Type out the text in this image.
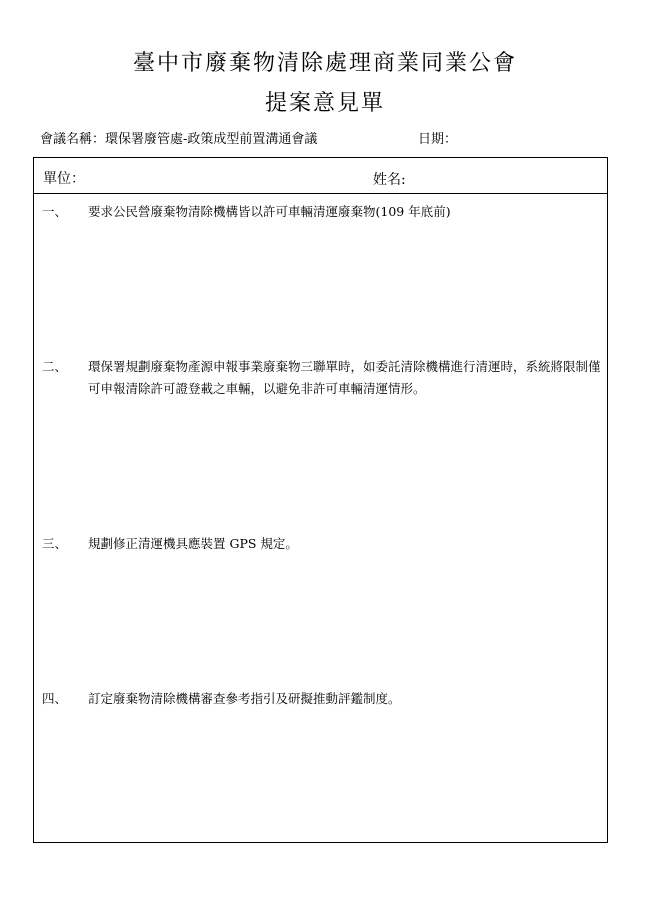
臺中市廢棄物清除處理商業同業公會
提案意見單
會議名稱：環保署廢管處-政策成型前置溝通會議	日期：
單位：	姓名:
一、 要求公民營廢棄物清除機構皆以許可車輛清運廢棄物(109 年底前)
二、 環保署規劃廢棄物產源申報事業廢棄物三聯單時，如委託清除機構進行清運時，系統將限制僅可申報清除許可證登載之車輛，以避免非許可車輛清運情形。
三、 規劃修正清運機具應裝置 GPS 規定。
四、 訂定廢棄物清除機構審查參考指引及研擬推動評鑑制度。
